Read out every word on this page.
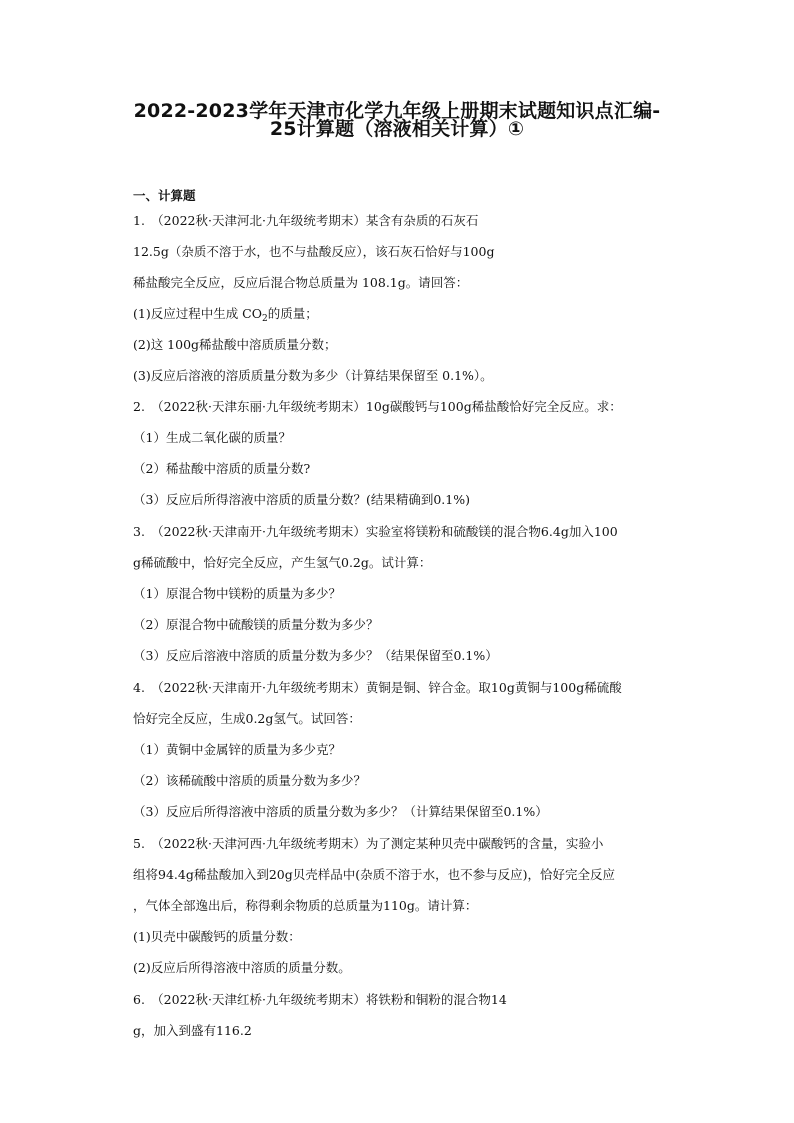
2022-2023学年天津市化学九年级上册期末试题知识点汇编-
25计算题（溶液相关计算）①
一、计算题
1.　（2022秋·天津河北·九年级统考期末）某含有杂质的石灰石
12.5g（杂质不溶于水，也不与盐酸反应），该石灰石恰好与100g
稀盐酸完全反应，反应后混合物总质量为 108.1g。请回答：
(1)反应过程中生成 $CO_2$的质量；
(2)这 100g稀盐酸中溶质质量分数；
(3)反应后溶液的溶质质量分数为多少（计算结果保留至 0.1%）。
2.　（2022秋·天津东丽·九年级统考期末）10g碳酸钙与100g稀盐酸恰好完全反应。求：
（1）生成二氧化碳的质量？
（2）稀盐酸中溶质的质量分数?
（3）反应后所得溶液中溶质的质量分数？(结果精确到0.1%)
3.　（2022秋·天津南开·九年级统考期末）实验室将镁粉和硫酸镁的混合物6.4g加入100
g稀硫酸中，恰好完全反应，产生氢气0.2g。试计算：
（1）原混合物中镁粉的质量为多少？
（2）原混合物中硫酸镁的质量分数为多少？
（3）反应后溶液中溶质的质量分数为多少？（结果保留至0.1%）
4.　（2022秋·天津南开·九年级统考期末）黄铜是铜、锌合金。取10g黄铜与100g稀硫酸
恰好完全反应，生成0.2g氢气。试回答：
（1）黄铜中金属锌的质量为多少克？
（2）该稀硫酸中溶质的质量分数为多少？
（3）反应后所得溶液中溶质的质量分数为多少？（计算结果保留至0.1%）
5.　（2022秋·天津河西·九年级统考期末）为了测定某种贝壳中碳酸钙的含量，实验小
组将94.4g稀盐酸加入到20g贝壳样品中(杂质不溶于水，也不参与反应)，恰好完全反应
，气体全部逸出后，称得剩余物质的总质量为110g。请计算：
(1)贝壳中碳酸钙的质量分数：
(2)反应后所得溶液中溶质的质量分数。
6.　（2022秋·天津红桥·九年级统考期末）将铁粉和铜粉的混合物14
g，加入到盛有116.2
